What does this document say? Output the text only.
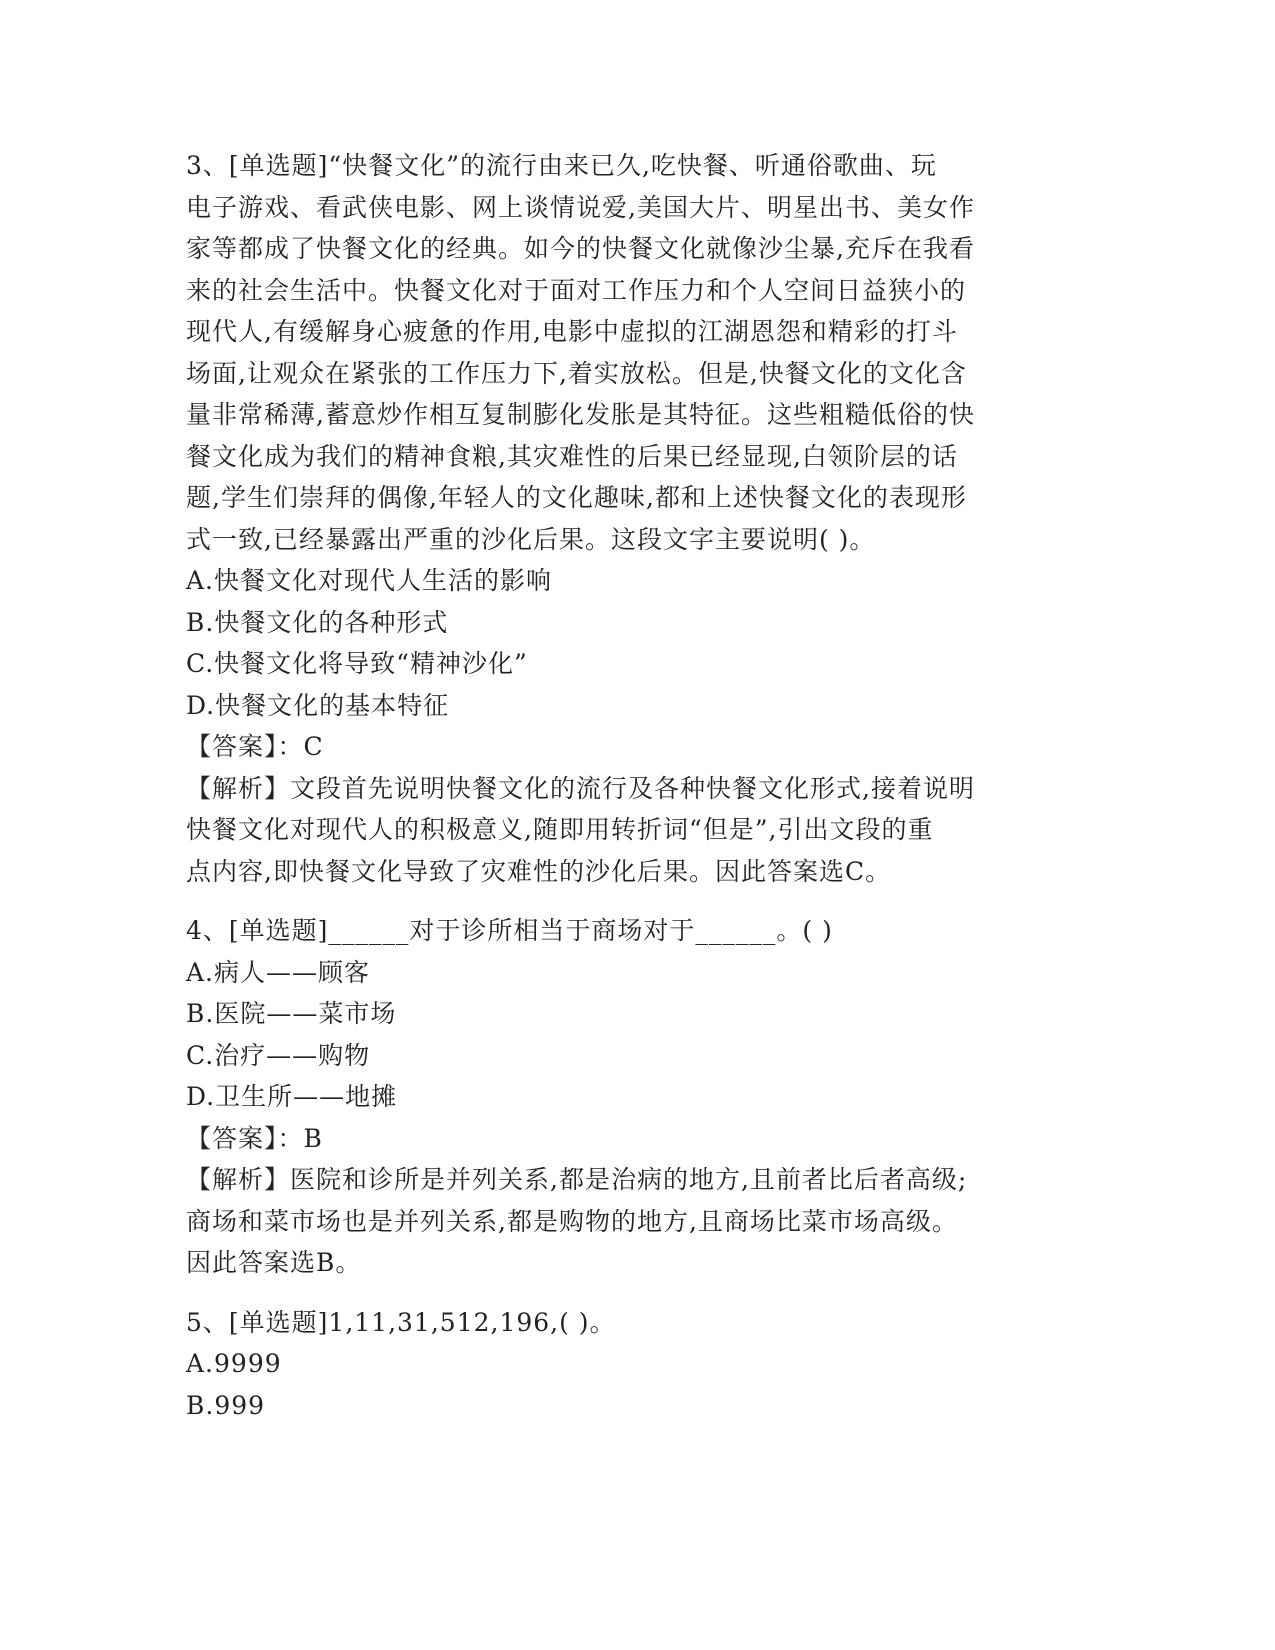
3、[单选题]“快餐文化”的流行由来已久,吃快餐、听通俗歌曲、玩
电子游戏、看武侠电影、网上谈情说爱,美国大片、明星出书、美女作
家等都成了快餐文化的经典。如今的快餐文化就像沙尘暴,充斥在我看
来的社会生活中。快餐文化对于面对工作压力和个人空间日益狭小的
现代人,有缓解身心疲惫的作用,电影中虚拟的江湖恩怨和精彩的打斗
场面,让观众在紧张的工作压力下,着实放松。但是,快餐文化的文化含
量非常稀薄,蓄意炒作相互复制膨化发胀是其特征。这些粗糙低俗的快
餐文化成为我们的精神食粮,其灾难性的后果已经显现,白领阶层的话
题,学生们崇拜的偶像,年轻人的文化趣味,都和上述快餐文化的表现形
式一致,已经暴露出严重的沙化后果。这段文字主要说明( )。
A.快餐文化对现代人生活的影响
B.快餐文化的各种形式
C.快餐文化将导致“精神沙化”
D.快餐文化的基本特征
【答案】：C
【解析】文段首先说明快餐文化的流行及各种快餐文化形式,接着说明
快餐文化对现代人的积极意义,随即用转折词“但是”,引出文段的重
点内容,即快餐文化导致了灾难性的沙化后果。因此答案选C。
4、[单选题]______对于诊所相当于商场对于______。( )
A.病人——顾客
B.医院——菜市场
C.治疗——购物
D.卫生所——地摊
【答案】：B
【解析】医院和诊所是并列关系,都是治病的地方,且前者比后者高级;
商场和菜市场也是并列关系,都是购物的地方,且商场比菜市场高级。
因此答案选B。
5、[单选题]1,11,31,512,196,( )。
A.9999
B.999
